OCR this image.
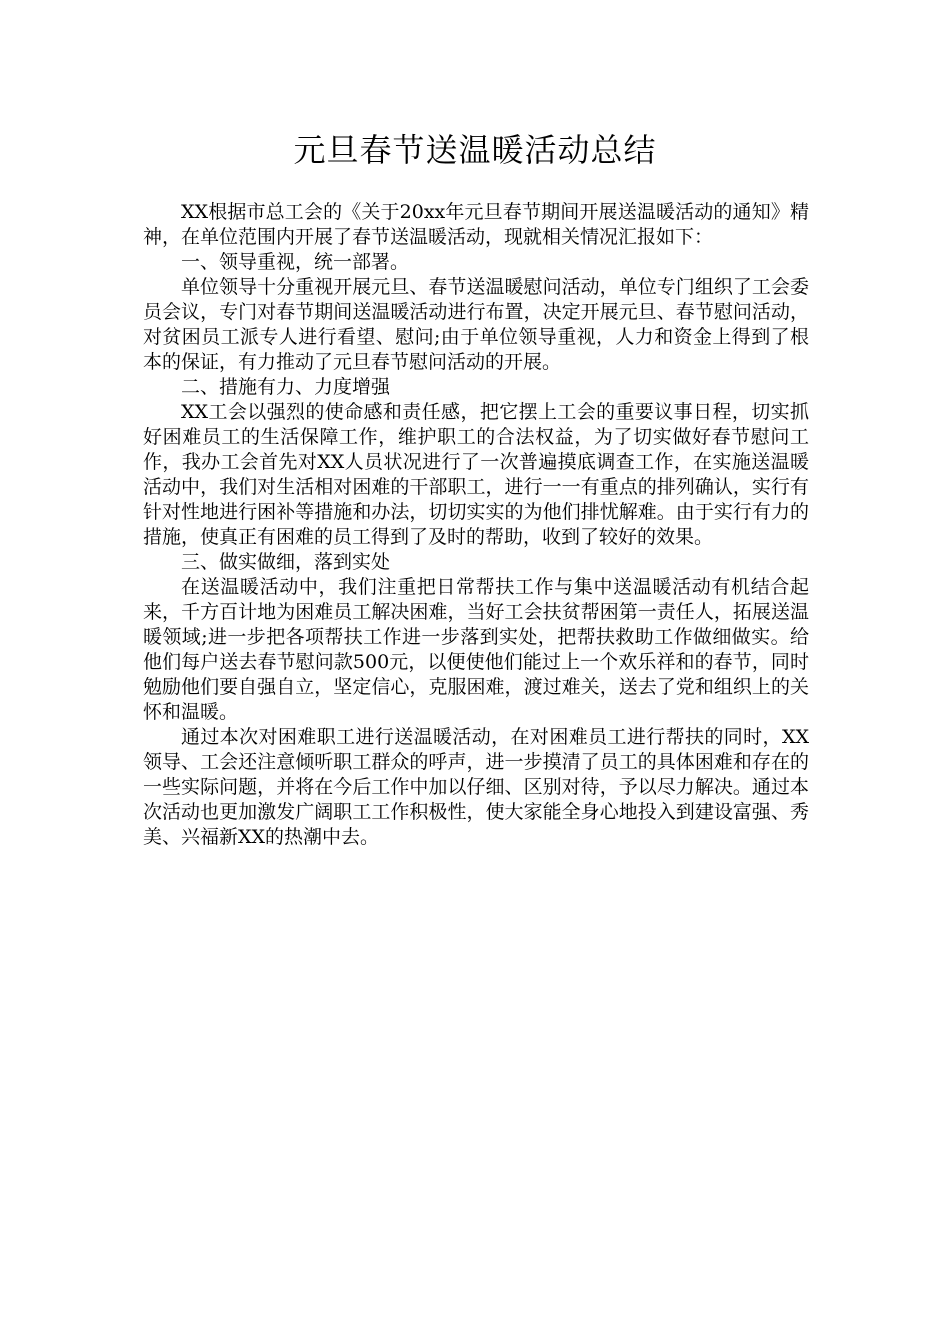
元旦春节送温暖活动总结

XX根据市总工会的《关于20xx年元旦春节期间开展送温暖活动的通知》精神，在单位范围内开展了春节送温暖活动，现就相关情况汇报如下：

一、领导重视，统一部署。

单位领导十分重视开展元旦、春节送温暖慰问活动，单位专门组织了工会委员会议，专门对春节期间送温暖活动进行布置，决定开展元旦、春节慰问活动，对贫困员工派专人进行看望、慰问;由于单位领导重视，人力和资金上得到了根本的保证，有力推动了元旦春节慰问活动的开展。

二、措施有力、力度增强

XX工会以强烈的使命感和责任感，把它摆上工会的重要议事日程，切实抓好困难员工的生活保障工作，维护职工的合法权益，为了切实做好春节慰问工作，我办工会首先对XX人员状况进行了一次普遍摸底调查工作，在实施送温暖活动中，我们对生活相对困难的干部职工，进行一一有重点的排列确认，实行有针对性地进行困补等措施和办法，切切实实的为他们排忧解难。由于实行有力的措施，使真正有困难的员工得到了及时的帮助，收到了较好的效果。

三、做实做细，落到实处

在送温暖活动中，我们注重把日常帮扶工作与集中送温暖活动有机结合起来，千方百计地为困难员工解决困难，当好工会扶贫帮困第一责任人，拓展送温暖领域;进一步把各项帮扶工作进一步落到实处，把帮扶救助工作做细做实。给他们每户送去春节慰问款500元，以便使他们能过上一个欢乐祥和的春节，同时勉励他们要自强自立，坚定信心，克服困难，渡过难关，送去了党和组织上的关怀和温暖。

通过本次对困难职工进行送温暖活动，在对困难员工进行帮扶的同时，XX领导、工会还注意倾听职工群众的呼声，进一步摸清了员工的具体困难和存在的一些实际问题，并将在今后工作中加以仔细、区别对待，予以尽力解决。通过本次活动也更加激发广阔职工工作积极性，使大家能全身心地投入到建设富强、秀美、兴福新XX的热潮中去。
